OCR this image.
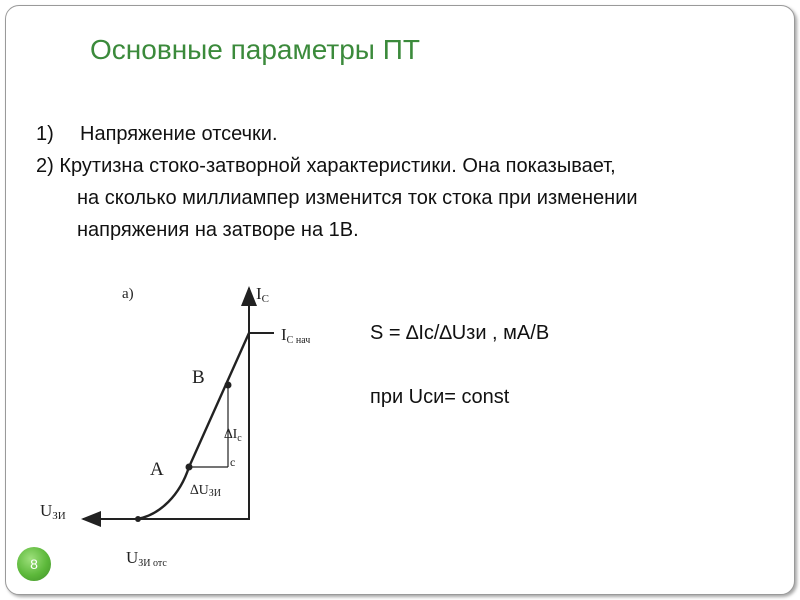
Основные параметры ПТ
1) Напряжение отсечки.
2) Крутизна стоко-затворной характеристики. Она показывает,
на сколько миллиампер изменится ток стока при изменении
напряжения на затворе на 1В.
а)	IC
IC нач
B
A	с
$\Delta I_c$
∆UЗИ
UЗИ
UЗИ отс
S = ∆Ic/∆Uзи , мА/В
при Uси= const
8
